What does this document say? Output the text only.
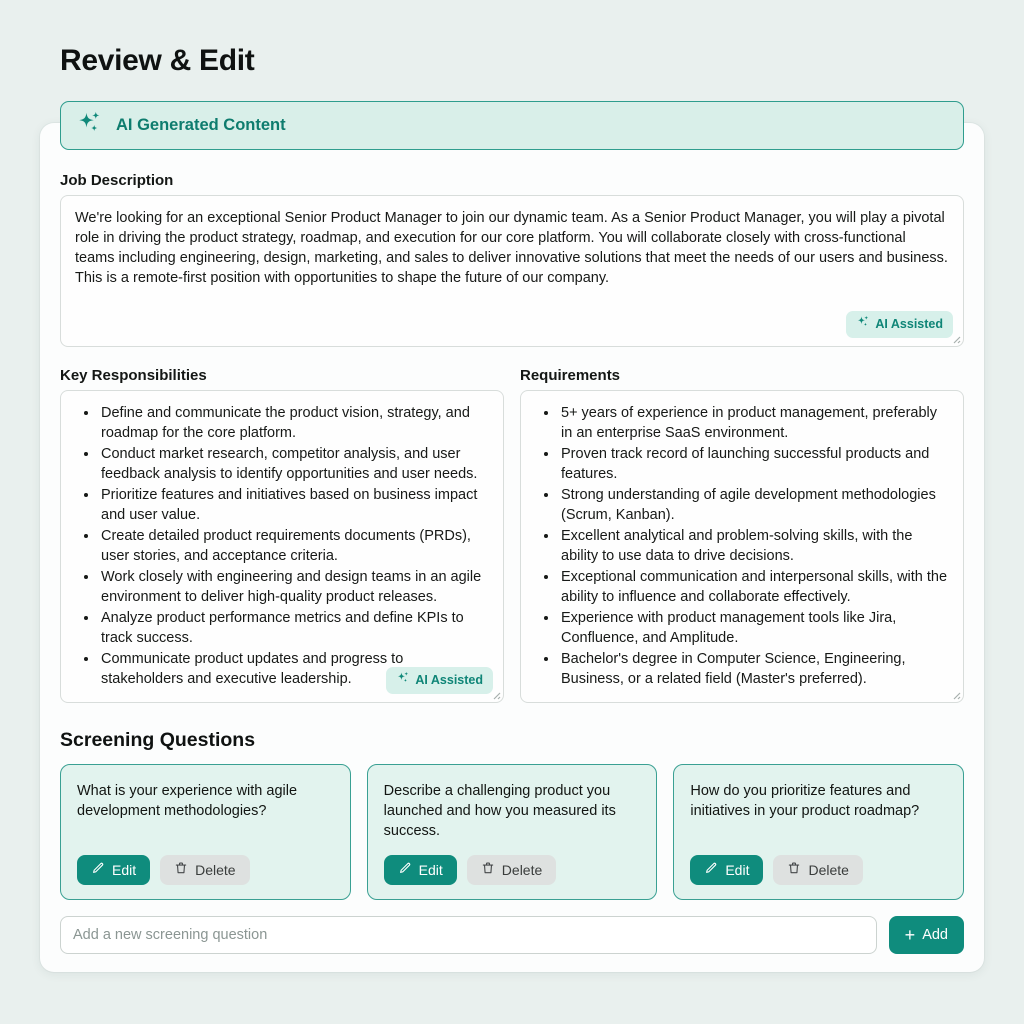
Review & Edit
AI Generated Content
Job Description
We're looking for an exceptional Senior Product Manager to join our dynamic team. As a Senior Product Manager, you will play a pivotal role in driving the product strategy, roadmap, and execution for our core platform. You will collaborate closely with cross-functional teams including engineering, design, marketing, and sales to deliver innovative solutions that meet the needs of our users and business. This is a remote-first position with opportunities to shape the future of our company.
AI Assisted
Key Responsibilities
• Define and communicate the product vision, strategy, and roadmap for the core platform.
• Conduct market research, competitor analysis, and user feedback analysis to identify opportunities and user needs.
• Prioritize features and initiatives based on business impact and user value.
• Create detailed product requirements documents (PRDs), user stories, and acceptance criteria.
• Work closely with engineering and design teams in an agile environment to deliver high-quality product releases.
• Analyze product performance metrics and define KPIs to track success.
• Communicate product updates and progress to stakeholders and executive leadership.	AI Assisted
Requirements
• 5+ years of experience in product management, preferably in an enterprise SaaS environment.
• Proven track record of launching successful products and features.
• Strong understanding of agile development methodologies (Scrum, Kanban).
• Excellent analytical and problem-solving skills, with the ability to use data to drive decisions.
• Exceptional communication and interpersonal skills, with the ability to influence and collaborate effectively.
• Experience with product management tools like Jira, Confluence, and Amplitude.
• Bachelor's degree in Computer Science, Engineering, Business, or a related field (Master's preferred).
Screening Questions
What is your experience with agile development methodologies?
Edit	Delete
Describe a challenging product you launched and how you measured its success.
Edit	Delete
How do you prioritize features and initiatives in your product roadmap?
Edit	Delete
Add a new screening question
+ Add
